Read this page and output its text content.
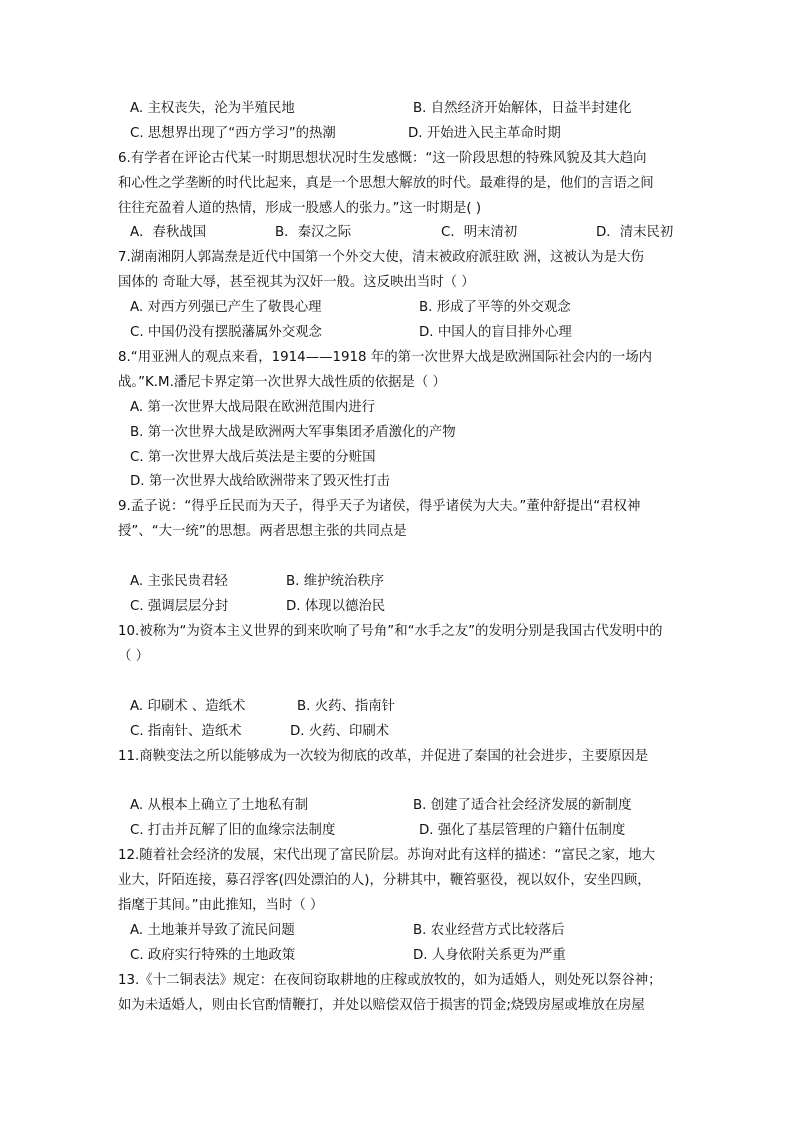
A. 主权丧失，沦为半殖民地	B. 自然经济开始解体，日益半封建化
C. 思想界出现了“西方学习”的热潮	D. 开始进入民主革命时期
6.有学者在评论古代某一时期思想状况时生发感慨：“这一阶段思想的特殊风貌及其大趋向
和心性之学垄断的时代比起来，真是一个思想大解放的时代。最难得的是，他们的言语之间
往往充盈着人道的热情，形成一股感人的张力。”这一时期是( )
A．春秋战国	B．秦汉之际	C．明末清初	D．清末民初
7.湖南湘阴人郭嵩焘是近代中国第一个外交大使，清末被政府派驻欧 洲，这被认为是大伤
国体的 奇耻大辱，甚至视其为汉奸一般。这反映出当时（ ）
A. 对西方列强已产生了敬畏心理	B. 形成了平等的外交观念
C. 中国仍没有摆脱藩属外交观念	D. 中国人的盲目排外心理
8.“用亚洲人的观点来看，1914——1918 年的第一次世界大战是欧洲国际社会内的一场内
战。”K.M.潘尼卡界定第一次世界大战性质的依据是（ ）
A. 第一次世界大战局限在欧洲范围内进行
B. 第一次世界大战是欧洲两大军事集团矛盾激化的产物
C. 第一次世界大战后英法是主要的分赃国
D. 第一次世界大战给欧洲带来了毁灭性打击
9.孟子说：“得乎丘民而为天子，得乎天子为诸侯，得乎诸侯为大夫。”董仲舒提出“君权神
授”、“大一统”的思想。两者思想主张的共同点是
A. 主张民贵君轻	B. 维护统治秩序
C. 强调层层分封	D. 体现以德治民
10.被称为“为资本主义世界的到来吹响了号角”和“水手之友”的发明分别是我国古代发明中的
（ ）
A. 印刷术 、造纸术	B. 火药、指南针
C. 指南针、造纸术	D. 火药、印刷术
11.商鞅变法之所以能够成为一次较为彻底的改革，并促进了秦国的社会进步，主要原因是
A. 从根本上确立了土地私有制	B. 创建了适合社会经济发展的新制度
C. 打击并瓦解了旧的血缘宗法制度	D. 强化了基层管理的户籍什伍制度
12.随着社会经济的发展，宋代出现了富民阶层。苏询对此有这样的描述：“富民之家，地大
业大，阡陌连接，募召浮客(四处漂泊的人)，分耕其中，鞭笞驱役，视以奴仆，安坐四顾，
指麾于其间。”由此推知，当时（ ）
A. 土地兼并导致了流民问题	B. 农业经营方式比较落后
C. 政府实行特殊的土地政策	D. 人身依附关系更为严重
13.《十二铜表法》规定：在夜间窃取耕地的庄稼或放牧的，如为适婚人，则处死以祭谷神；
如为未适婚人，则由长官酌情鞭打，并处以赔偿双倍于损害的罚金;烧毁房屋或堆放在房屋
